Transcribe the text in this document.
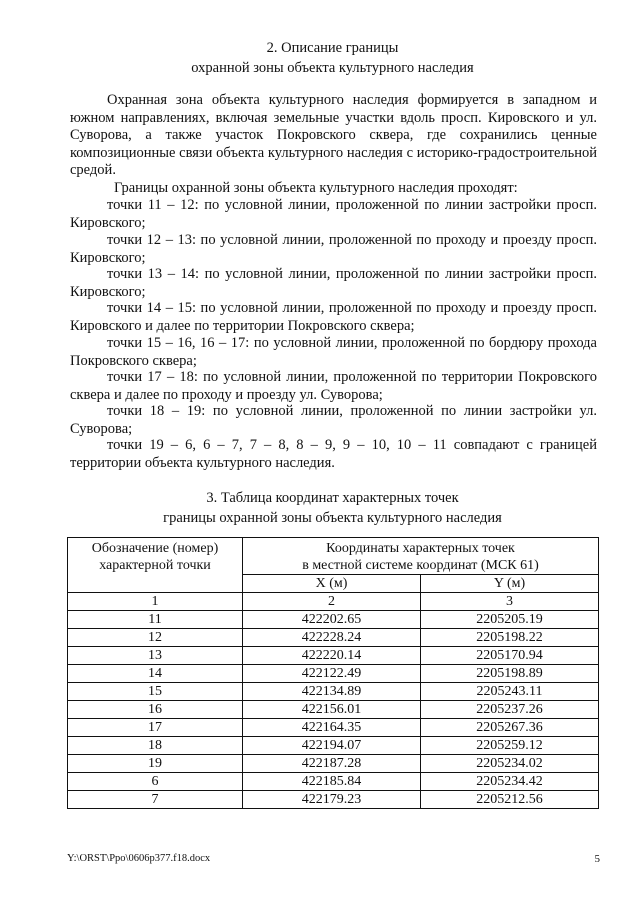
2. Описание границы
охранной зоны объекта культурного наследия

Охранная зона объекта культурного наследия формируется в западном и южном направлениях, включая земельные участки вдоль просп. Кировского и ул. Суворова, а также участок Покровского сквера, где сохранились ценные композиционные связи объекта культурного наследия с историко-градостроительной средой.

Границы охранной зоны объекта культурного наследия проходят:

точки 11 – 12: по условной линии, проложенной по линии застройки просп. Кировского;

точки 12 – 13: по условной линии, проложенной по проходу и проезду просп. Кировского;

точки 13 – 14: по условной линии, проложенной по линии застройки просп. Кировского;

точки 14 – 15: по условной линии, проложенной по проходу и проезду просп. Кировского и далее по территории Покровского сквера;

точки 15 – 16, 16 – 17: по условной линии, проложенной по бордюру прохода Покровского сквера;

точки 17 – 18: по условной линии, проложенной по территории Покровского сквера и далее по проходу и проезду ул. Суворова;

точки 18 – 19: по условной линии, проложенной по линии застройки ул. Суворова;

точки 19 – 6, 6 – 7, 7 – 8, 8 – 9, 9 – 10, 10 – 11 совпадают с границей территории объекта культурного наследия.

3. Таблица координат характерных точек
границы охранной зоны объекта культурного наследия
Обозначение (номер) характерной точки	Координаты характерных точек
в местной системе координат (МСК 61)	

	X (м)	Y (м)
1	2	3
11	422202.65	2205205.19
12	422228.24	2205198.22
13	422220.14	2205170.94
14	422122.49	2205198.89
15	422134.89	2205243.11
16	422156.01	2205237.26
17	422164.35	2205267.36
18	422194.07	2205259.12
19	422187.28	2205234.02
6	422185.84	2205234.42
7	422179.23	2205212.56
Y:\ORST\Ppo\0606p377.f18.docx	5
